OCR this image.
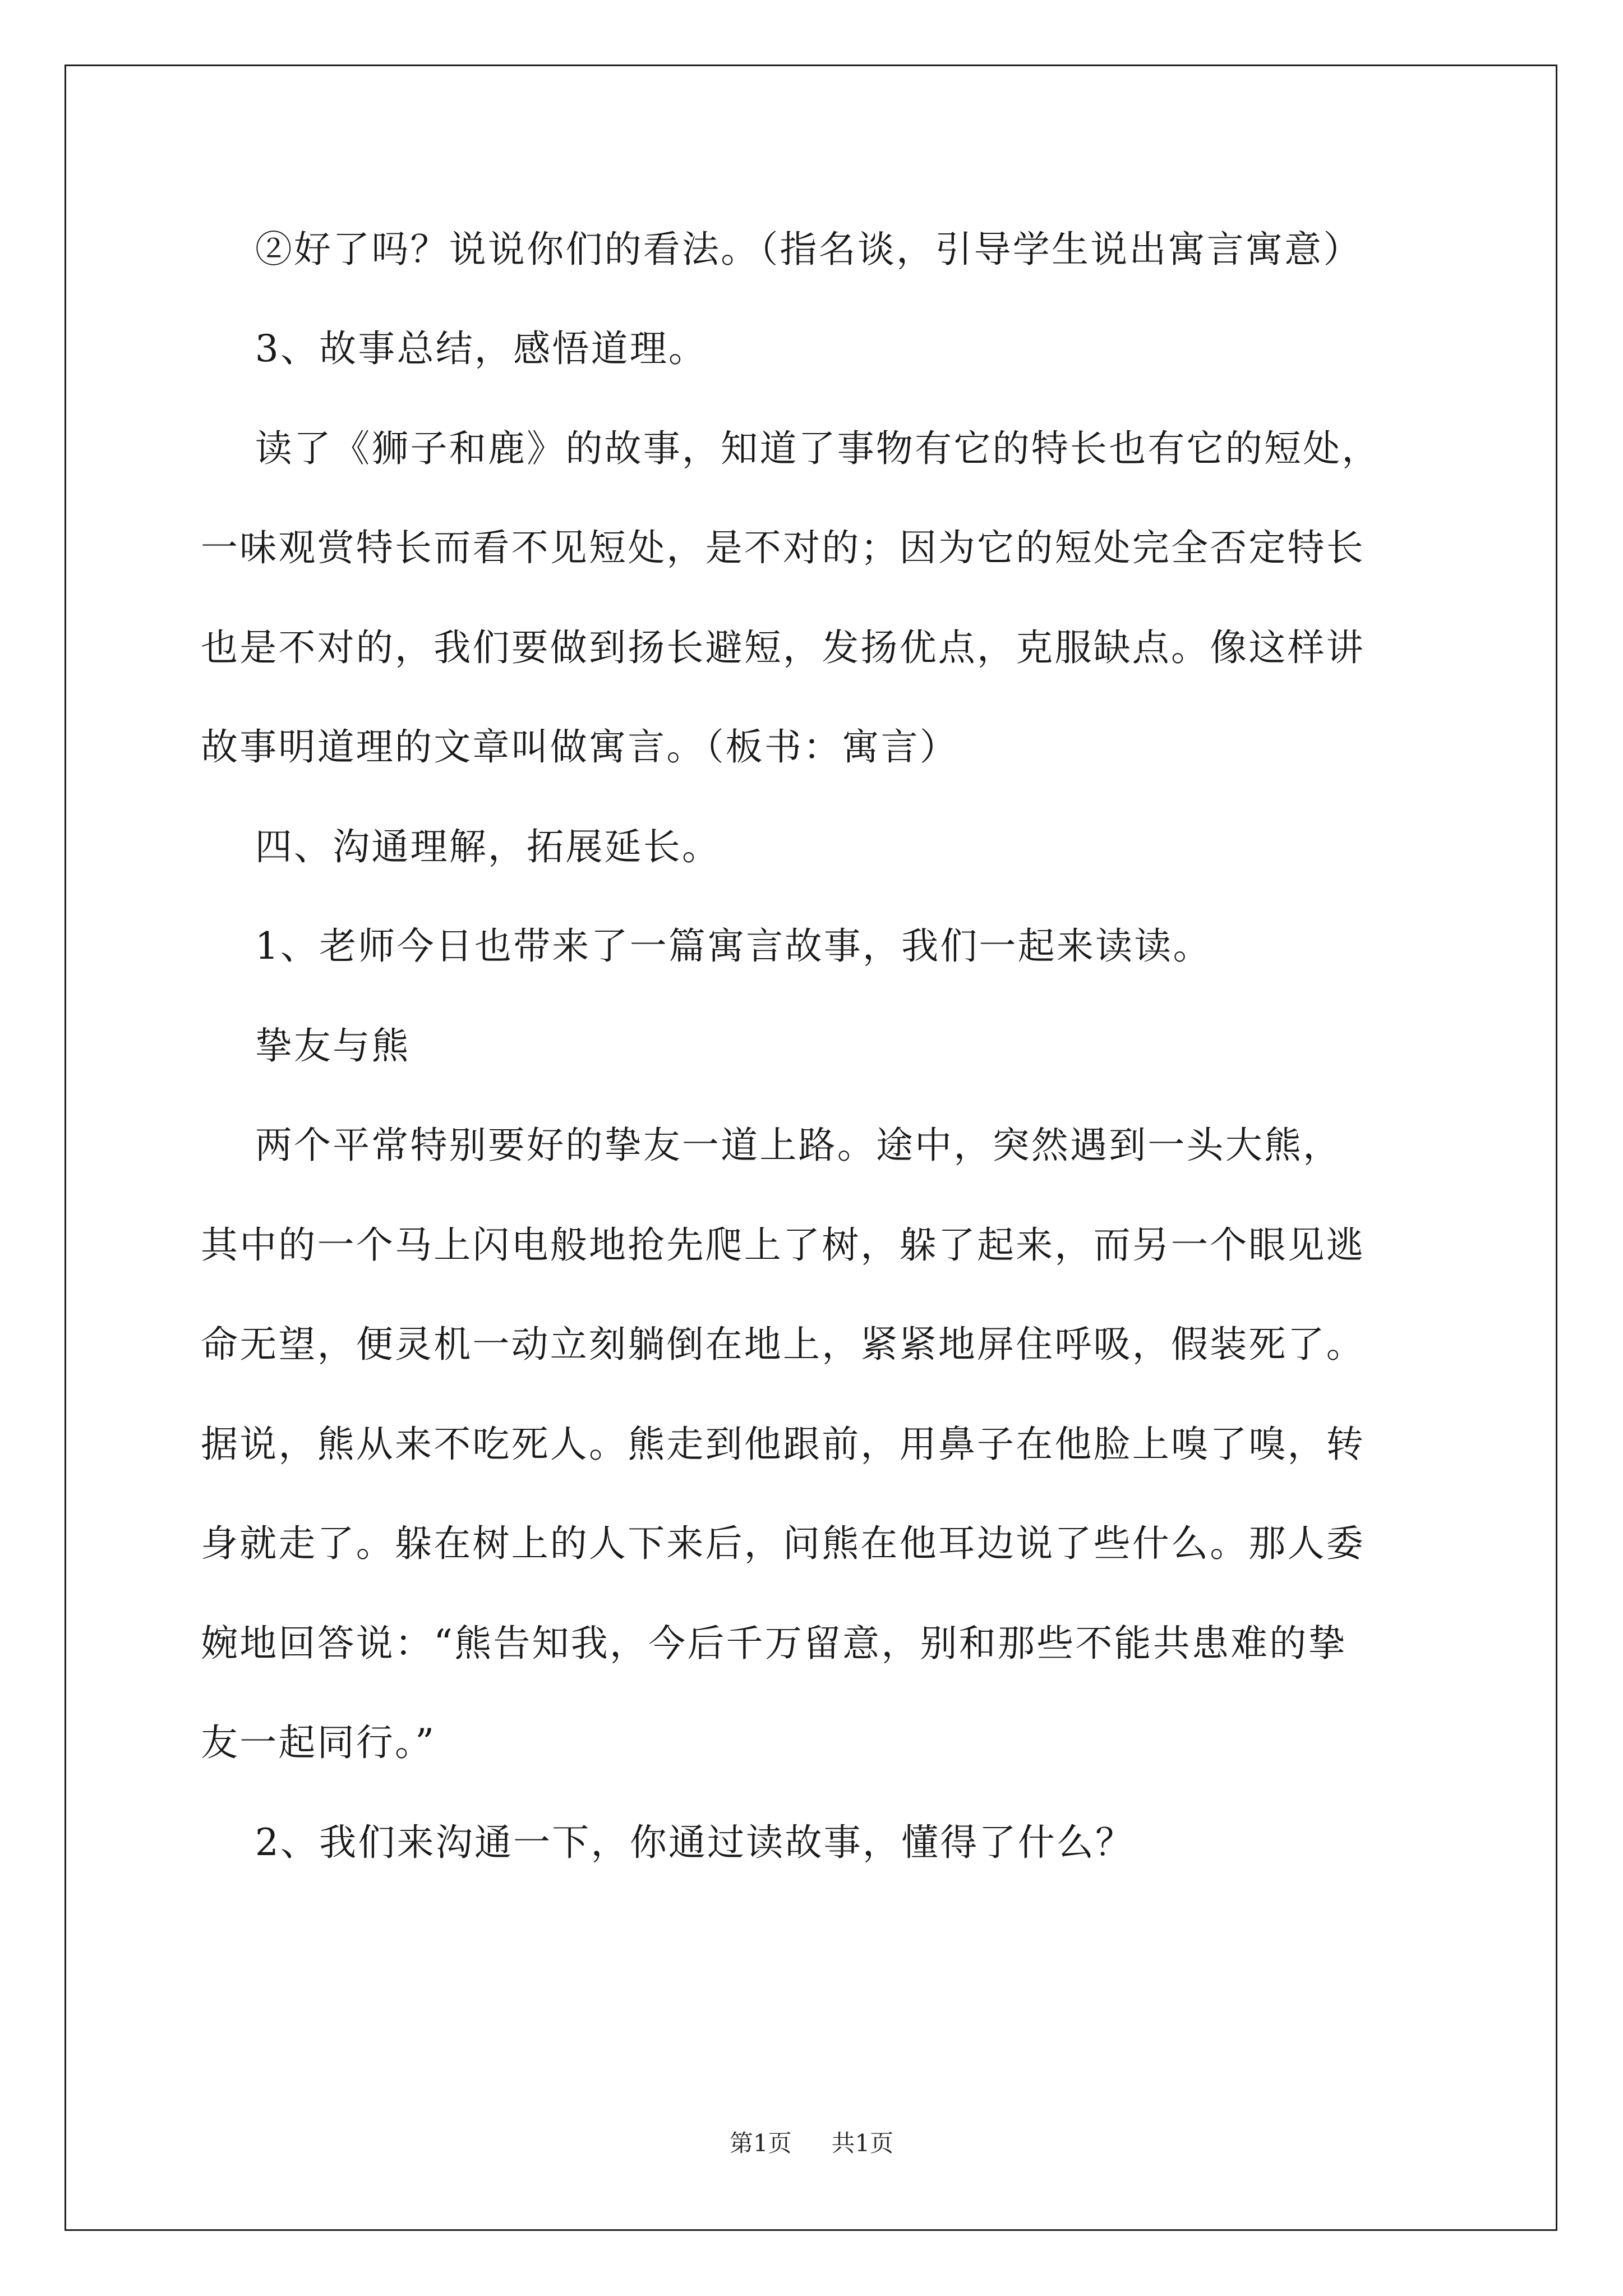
②好了吗？说说你们的看法。（指名谈，引导学生说出寓言寓意）
3、故事总结，感悟道理。
读了《狮子和鹿》的故事，知道了事物有它的特长也有它的短处，
一味观赏特长而看不见短处，是不对的；因为它的短处完全否定特长
也是不对的，我们要做到扬长避短，发扬优点，克服缺点。像这样讲
故事明道理的文章叫做寓言。（板书：寓言）
四、沟通理解，拓展延长。
1、老师今日也带来了一篇寓言故事，我们一起来读读。
挚友与熊
两个平常特别要好的挚友一道上路。途中，突然遇到一头大熊，
其中的一个马上闪电般地抢先爬上了树，躲了起来，而另一个眼见逃
命无望，便灵机一动立刻躺倒在地上，紧紧地屏住呼吸，假装死了。
据说，熊从来不吃死人。熊走到他跟前，用鼻子在他脸上嗅了嗅，转
身就走了。躲在树上的人下来后，问熊在他耳边说了些什么。那人委
婉地回答说：“熊告知我，今后千万留意，别和那些不能共患难的挚
友一起同行。”
2、我们来沟通一下，你通过读故事，懂得了什么？
第1页 共1页
